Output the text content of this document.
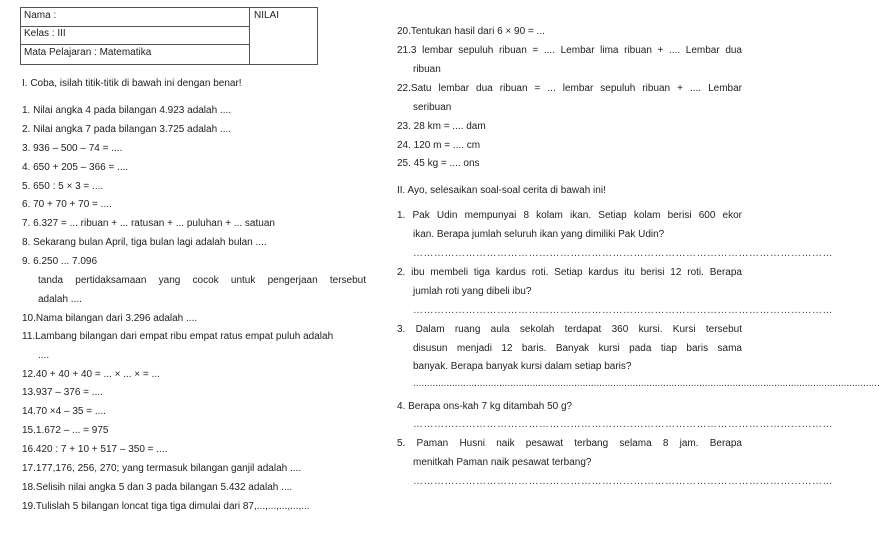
Nama :
Kelas : III
Mata Pelajaran : Matematika
NILAI
I. Coba, isilah titik-titik di bawah ini dengan benar!
1. Nilai angka 4 pada bilangan 4.923 adalah ....
2. Nilai angka 7 pada bilangan 3.725 adalah ....
3. 936 – 500 – 74 = ....
4. 650 + 205 – 366 = ....
5. 650 : 5 × 3 = ....
6. 70 + 70 + 70 = ....
7. 6.327 = ... ribuan + ... ratusan + ... puluhan + ... satuan
8. Sekarang bulan April, tiga bulan lagi adalah bulan ....
9. 6.250 ... 7.096
tanda pertidaksamaan yang cocok untuk pengerjaan tersebut
adalah ....
10.Nama bilangan dari 3.296 adalah ....
11.Lambang bilangan dari empat ribu empat ratus empat puluh adalah
....
12.40 + 40 + 40 = ... × ... × = ...
13.937 – 376 = ....
14.70 ×4 – 35 = ....
15.1.672 – ... = 975
16.420 : 7 + 10 + 517 – 350 = ....
17.177,176, 256, 270; yang termasuk bilangan ganjil adalah ....
18.Selisih nilai angka 5 dan 3 pada bilangan 5.432 adalah ....
19.Tulislah 5 bilangan loncat tiga tiga dimulai dari 87,...,...,...,...,...
20.Tentukan hasil dari 6 × 90 = ...
21.3 lembar sepuluh ribuan = .... Lembar lima ribuan + .... Lembar dua
ribuan
22.Satu lembar dua ribuan = ... lembar sepuluh ribuan + .... Lembar
seribuan
23. 28 km = .... dam
24. 120 m = .... cm
25. 45 kg = .... ons
II. Ayo, selesaikan soal-soal cerita di bawah ini!
1. Pak Udin mempunyai 8 kolam ikan. Setiap kolam berisi 600 ekor
ikan. Berapa jumlah seluruh ikan yang dimiliki Pak Udin?
…………………………………………………………………………………………………………
2. ibu membeli tiga kardus roti. Setiap kardus itu berisi 12 roti. Berapa
jumlah roti yang dibeli ibu?
…………………………………………………………………………………………………………
3. Dalam ruang aula sekolah terdapat 360 kursi. Kursi tersebut
disusun menjadi 12 baris. Banyak kursi pada tiap baris sama
banyak. Berapa banyak kursi dalam setiap baris?
........................................................................................................................................................................
4. Berapa ons-kah 7 kg ditambah 50 g?
…………………………………………………………………………………………………………
5. Paman Husni naik pesawat terbang selama 8 jam. Berapa
menitkah Paman naik pesawat terbang?
…………………………………………………………………………………………………………
